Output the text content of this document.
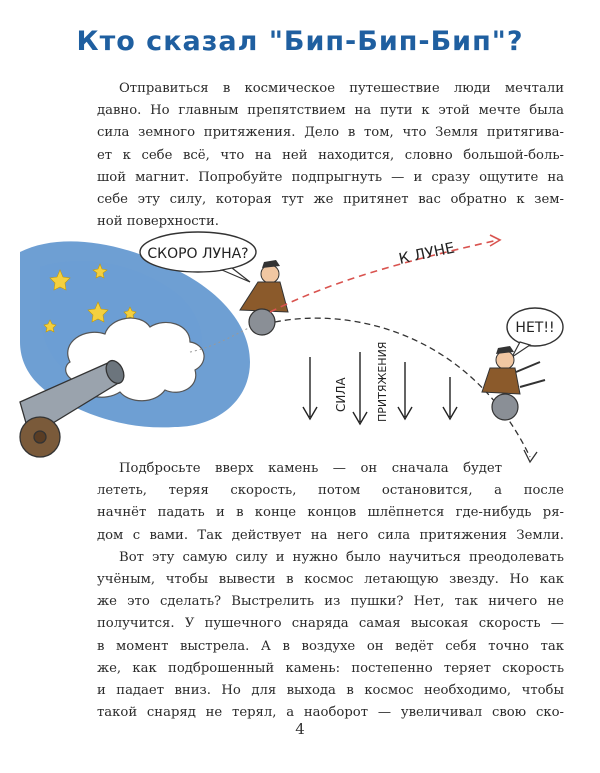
Кто сказал "Бип-Бип-Бип"?
Отправиться в космическое путешествие люди мечтали
давно. Но главным препятствием на пути к этой мечте была
сила земного притяжения. Дело в том, что Земля притягива-
ет к себе всё, что на ней находится, словно большой-боль-
шой магнит. Попробуйте подпрыгнуть — и сразу ощутите на
себе эту силу, которая тут же притянет вас обратно к зем-
ной поверхности.
СКОРО ЛУНА?	К ЛУНЕ
СИЛА	ПРИТЯЖЕНИЯ
НЕТ!!
Подбросьте вверх камень — он сначала будет
лететь, теряя скорость, потом остановится, а после
начнёт падать и в конце концов шлёпнется где-нибудь ря-
дом с вами. Так действует на него сила притяжения Земли.
Вот эту самую силу и нужно было научиться преодолевать
учёным, чтобы вывести в космос летающую звезду. Но как
же это сделать? Выстрелить из пушки? Нет, так ничего не
получится. У пушечного снаряда самая высокая скорость —
в момент выстрела. А в воздухе он ведёт себя точно так
же, как подброшенный камень: постепенно теряет скорость
и падает вниз. Но для выхода в космос необходимо, чтобы
такой снаряд не терял, а наоборот — увеличивал свою ско-
4
